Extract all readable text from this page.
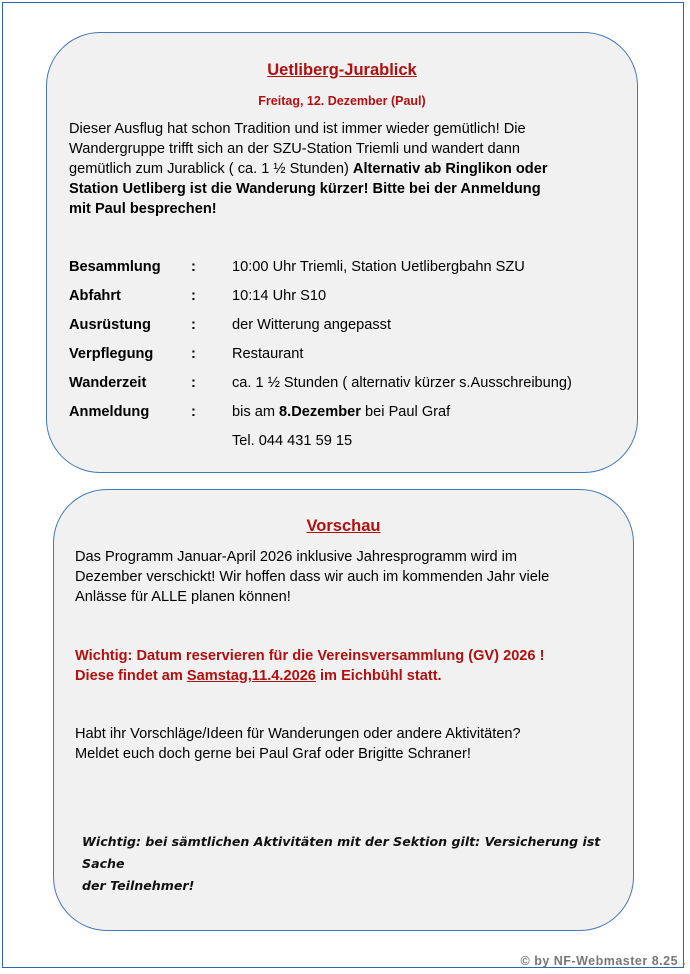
Uetliberg-Jurablick
Freitag, 12. Dezember (Paul)
Dieser Ausflug hat schon Tradition und ist immer wieder gemütlich! Die
Wandergruppe trifft sich an der SZU-Station Triemli und wandert dann
gemütlich zum Jurablick ( ca. 1 ½ Stunden) Alternativ ab Ringlikon oder
Station Uetliberg ist die Wanderung kürzer! Bitte bei der Anmeldung
mit Paul besprechen!
Besammlung : 10:00 Uhr Triemli, Station Uetlibergbahn SZU
Abfahrt	: 10:14 Uhr S10
Ausrüstung	: der Witterung angepasst
Verpflegung	: Restaurant
Wanderzeit	: ca. 1 ½ Stunden ( alternativ kürzer s.Ausschreibung)
Anmeldung	: bis am 8.Dezember bei Paul Graf
Tel. 044 431 59 15
Vorschau
Das Programm Januar-April 2026 inklusive Jahresprogramm wird im
Dezember verschickt! Wir hoffen dass wir auch im kommenden Jahr viele
Anlässe für ALLE planen können!
Wichtig: Datum reservieren für die Vereinsversammlung (GV) 2026 !
Diese findet am Samstag,11.4.2026 im Eichbühl statt.
Habt ihr Vorschläge/Ideen für Wanderungen oder andere Aktivitäten?
Meldet euch doch gerne bei Paul Graf oder Brigitte Schraner!
Wichtig: bei sämtlichen Aktivitäten mit der Sektion gilt: Versicherung ist Sache
der Teilnehmer!
© by NF-Webmaster 8.25 .
